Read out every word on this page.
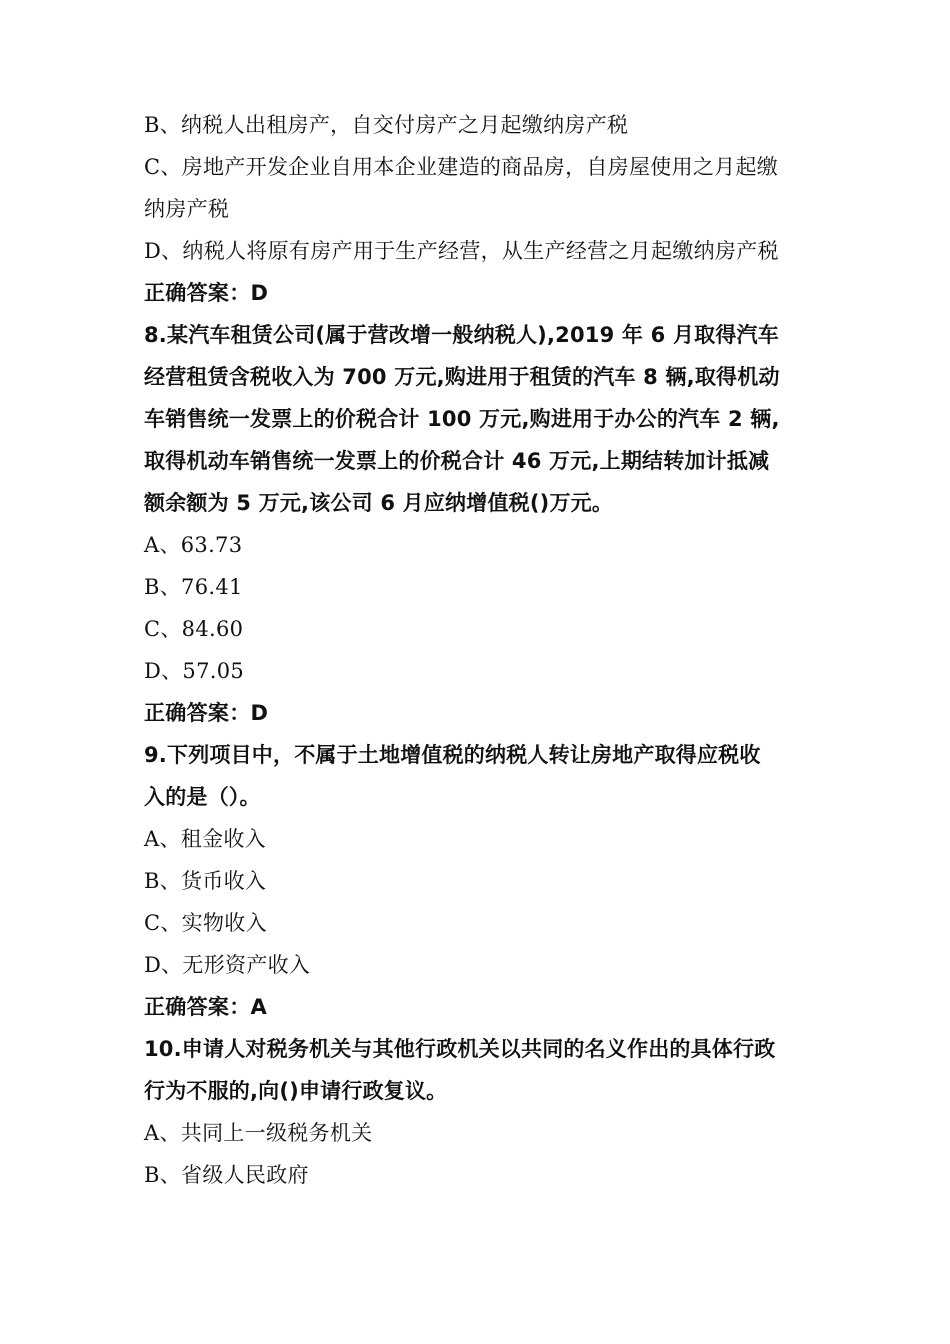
B、纳税人出租房产，自交付房产之月起缴纳房产税
C、房地产开发企业自用本企业建造的商品房，自房屋使用之月起缴
纳房产税
D、纳税人将原有房产用于生产经营，从生产经营之月起缴纳房产税
正确答案：D
8.某汽车租赁公司(属于营改增一般纳税人),2019 年 6 月取得汽车
经营租赁含税收入为 700 万元,购进用于租赁的汽车 8 辆,取得机动
车销售统一发票上的价税合计 100 万元,购进用于办公的汽车 2 辆,
取得机动车销售统一发票上的价税合计 46 万元,上期结转加计抵减
额余额为 5 万元,该公司 6 月应纳增值税()万元。
A、63.73
B、76.41
C、84.60
D、57.05
正确答案：D
9.下列项目中，不属于土地增值税的纳税人转让房地产取得应税收
入的是（）。
A、租金收入
B、货币收入
C、实物收入
D、无形资产收入
正确答案：A
10.申请人对税务机关与其他行政机关以共同的名义作出的具体行政
行为不服的,向()申请行政复议。
A、共同上一级税务机关
B、省级人民政府
